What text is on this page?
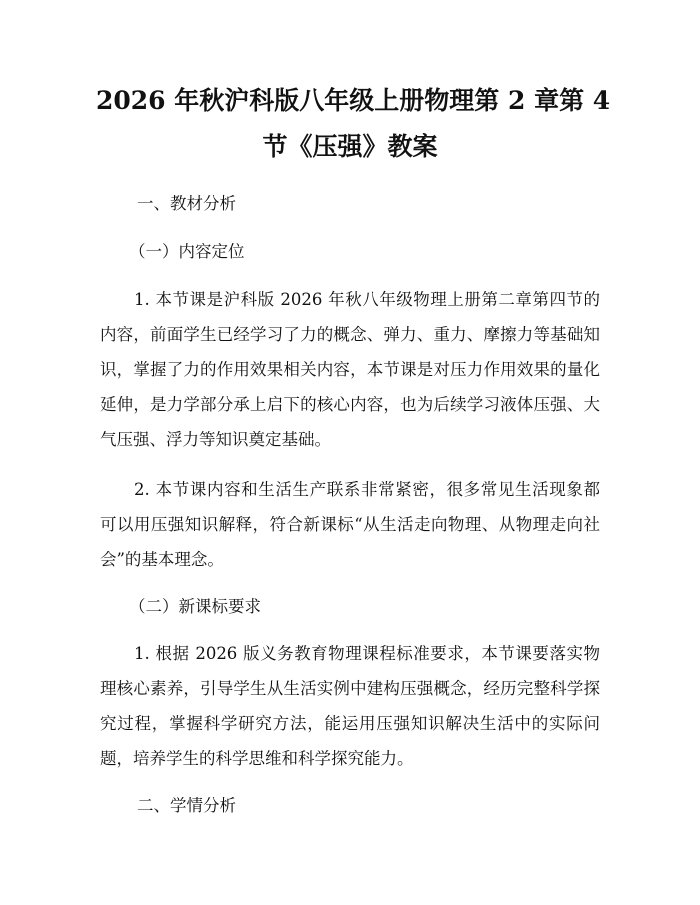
2026 年秋沪科版八年级上册物理第 2 章第 4
节《压强》教案
一、教材分析
（一）内容定位
1. 本节课是沪科版 2026 年秋八年级物理上册第二章第四节的内容，前面学生已经学习了力的概念、弹力、重力、摩擦力等基础知识，掌握了力的作用效果相关内容，本节课是对压力作用效果的量化延伸，是力学部分承上启下的核心内容，也为后续学习液体压强、大气压强、浮力等知识奠定基础。
2. 本节课内容和生活生产联系非常紧密，很多常见生活现象都可以用压强知识解释，符合新课标“从生活走向物理、从物理走向社会”的基本理念。
（二）新课标要求
1. 根据 2026 版义务教育物理课程标准要求，本节课要落实物理核心素养，引导学生从生活实例中建构压强概念，经历完整科学探究过程，掌握科学研究方法，能运用压强知识解决生活中的实际问题，培养学生的科学思维和科学探究能力。
二、学情分析
